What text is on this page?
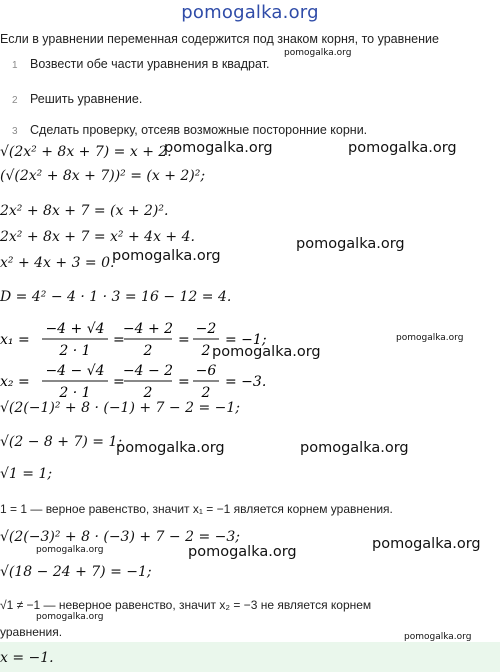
pomogalka.org
Если в уравнении переменная содержится под знаком корня, то уравнение
1 Возвести обе части уравнения в квадрат.
2 Решить уравнение.
3 Сделать проверку, отсеяв возможные посторонние корни.
√(2x² + 8x + 7) = x + 2.
(√(2x² + 8x + 7))² = (x + 2)²;
2x² + 8x + 7 = (x + 2)².
2x² + 8x + 7 = x² + 4x + 4.
x² + 4x + 3 = 0.
D = 4² − 4 · 1 · 3 = 16 − 12 = 4.
x₁ =
−4 + √4
2 · 1
=
−4 + 2
2
=
−2
2
= −1;
x₂ =
−4 − √4
2 · 1
=
−4 − 2
2
=
−6
2
= −3.
√(2(−1)² + 8 · (−1) + 7 − 2 = −1;
√(2 − 8 + 7) = 1;
√1 = 1;
1 = 1 — верное равенство, значит x₁ = −1 является корнем уравнения.
√(2(−3)² + 8 · (−3) + 7 − 2 = −3;
√(18 − 24 + 7) = −1;
√1 ≠ −1 — неверное равенство, значит x₂ = −3 не является корнем
уравнения.
x = −1.
pomogalka.org
pomogalka.org	pomogalka.org
pomogalka.org
pomogalka.org
pomogalka.org
pomogalka.org
pomogalka.org	pomogalka.org
pomogalka.org	pomogalka.org	pomogalka.org
pomogalka.org
pomogalka.org
